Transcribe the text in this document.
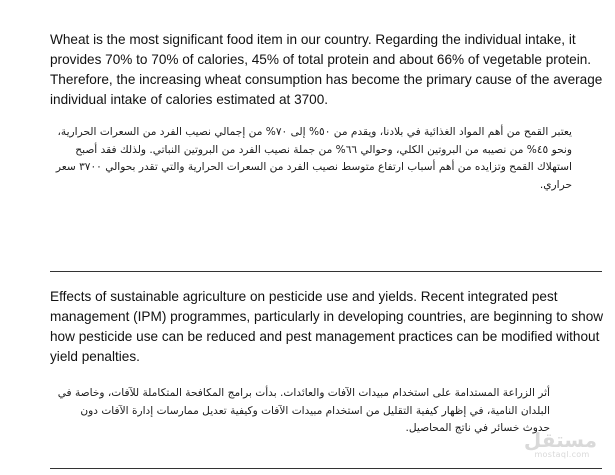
Wheat is the most significant food item in our country. Regarding the individual intake, it provides 70% to 70% of calories, 45% of total protein and about 66% of vegetable protein. Therefore, the increasing wheat consumption has become the primary cause of the average individual intake of calories estimated at 3700.

يعتبر القمح من أهم المواد الغذائية في بلادنا، ويقدم من ٥٠% إلى ٧٠% من إجمالي نصيب الفرد من السعرات الحرارية، ونحو ٤٥% من نصيبه من البروتين الكلي، وحوالي ٦٦% من جملة نصيب الفرد من البروتين النباتي. ولذلك فقد أصبح استهلاك القمح وتزايده من أهم أسباب ارتفاع متوسط نصيب الفرد من السعرات الحرارية والتي تقدر بحوالي ٣٧٠٠ سعر حراري.

Effects of sustainable agriculture on pesticide use and yields. Recent integrated pest management (IPM) programmes, particularly in developing countries, are beginning to show how pesticide use can be reduced and pest management practices can be modified without yield penalties.

أثر الزراعة المستدامة على استخدام مبيدات الآفات والعائدات. بدأت برامج المكافحة المتكاملة للآفات، وخاصة في البلدان النامية، في إظهار كيفية التقليل من استخدام مبيدات الآفات وكيفية تعديل ممارسات إدارة الآفات دون حدوث خسائر في ناتج المحاصيل.

مستقل
mostaql.com
